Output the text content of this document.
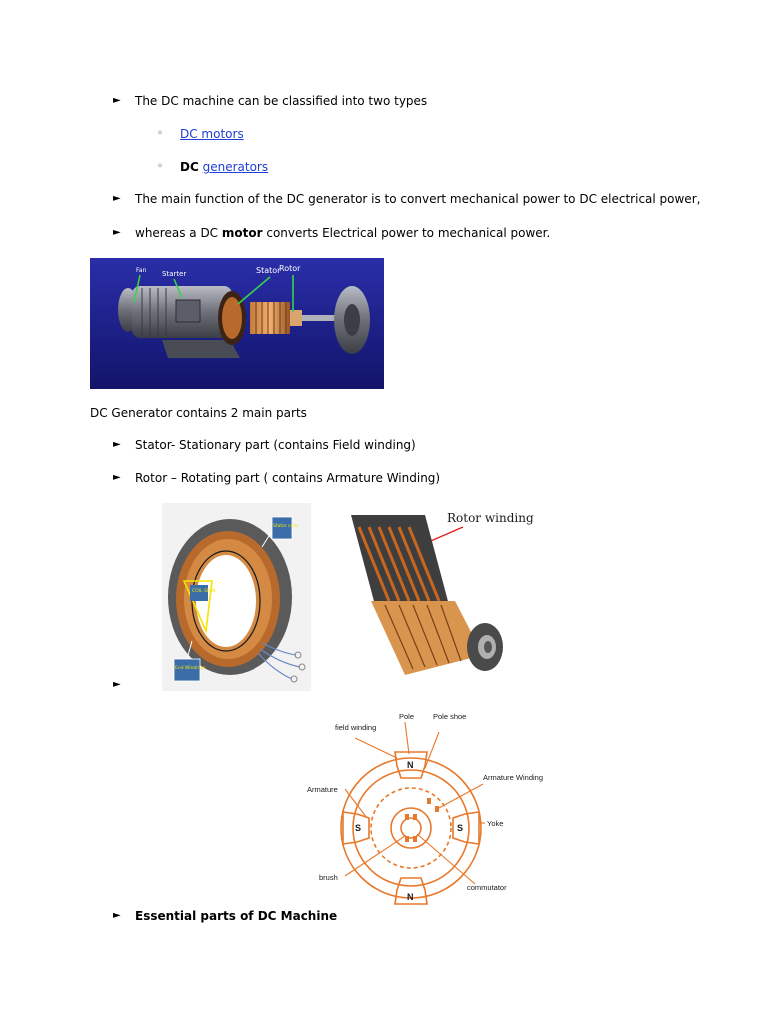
► The DC machine can be classified into two types
◦ DC motors
◦ DC generators
► The main function of the DC generator is to convert mechanical power to DC electrical power,
► whereas a DC motor converts Electrical power to mechanical power.
Fan Starter	Stator
Rotor
DC Generator contains 2 main parts
► Stator- Stationary part (contains Field winding)
► Rotor – Rotating part ( contains Armature Winding)
COIL SPAN
Stator core
End Windings
Rotor winding
►
N
N
S	S
Pole	Pole shoe
field winding
Armature
Armature Winding
Yoke
brush
commutator
► Essential parts of DC Machine
